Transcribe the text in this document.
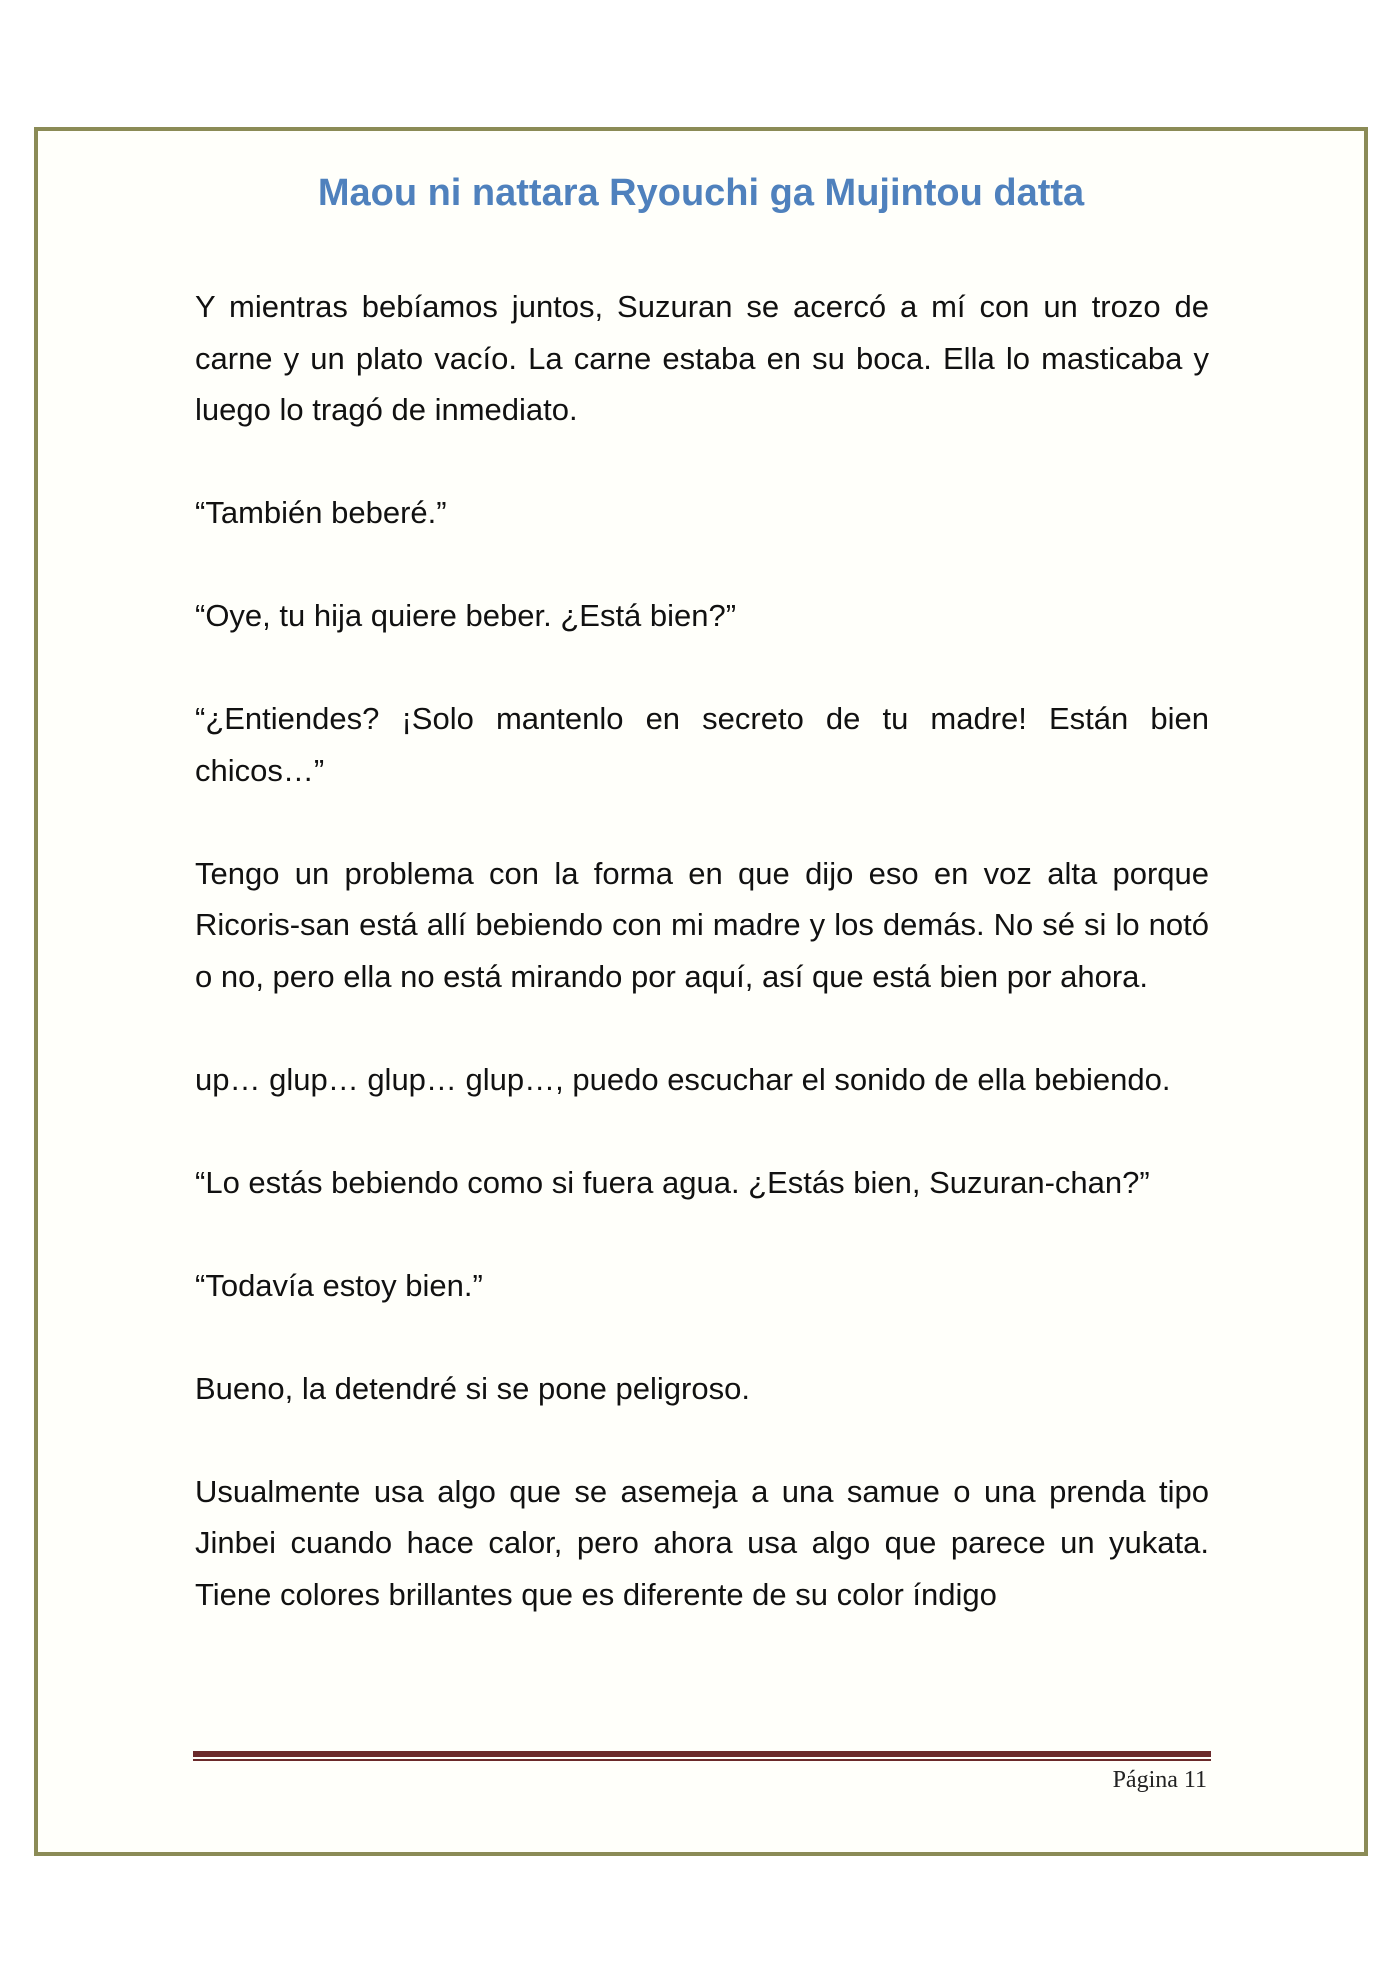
Maou ni nattara Ryouchi ga Mujintou datta

Y mientras bebíamos juntos, Suzuran se acercó a mí con un trozo de carne y un plato vacío. La carne estaba en su boca. Ella lo masticaba y luego lo tragó de inmediato.

“También beberé.”

“Oye, tu hija quiere beber. ¿Está bien?”

“¿Entiendes? ¡Solo mantenlo en secreto de tu madre! Están bien chicos…”

Tengo un problema con la forma en que dijo eso en voz alta porque Ricoris-san está allí bebiendo con mi madre y los demás. No sé si lo notó o no, pero ella no está mirando por aquí, así que está bien por ahora.

up… glup… glup… glup…, puedo escuchar el sonido de ella bebiendo.

“Lo estás bebiendo como si fuera agua. ¿Estás bien, Suzuran-chan?”

“Todavía estoy bien.”

Bueno, la detendré si se pone peligroso.

Usualmente usa algo que se asemeja a una samue o una prenda tipo Jinbei cuando hace calor, pero ahora usa algo que parece un yukata. Tiene colores brillantes que es diferente de su color índigo

Página 11
